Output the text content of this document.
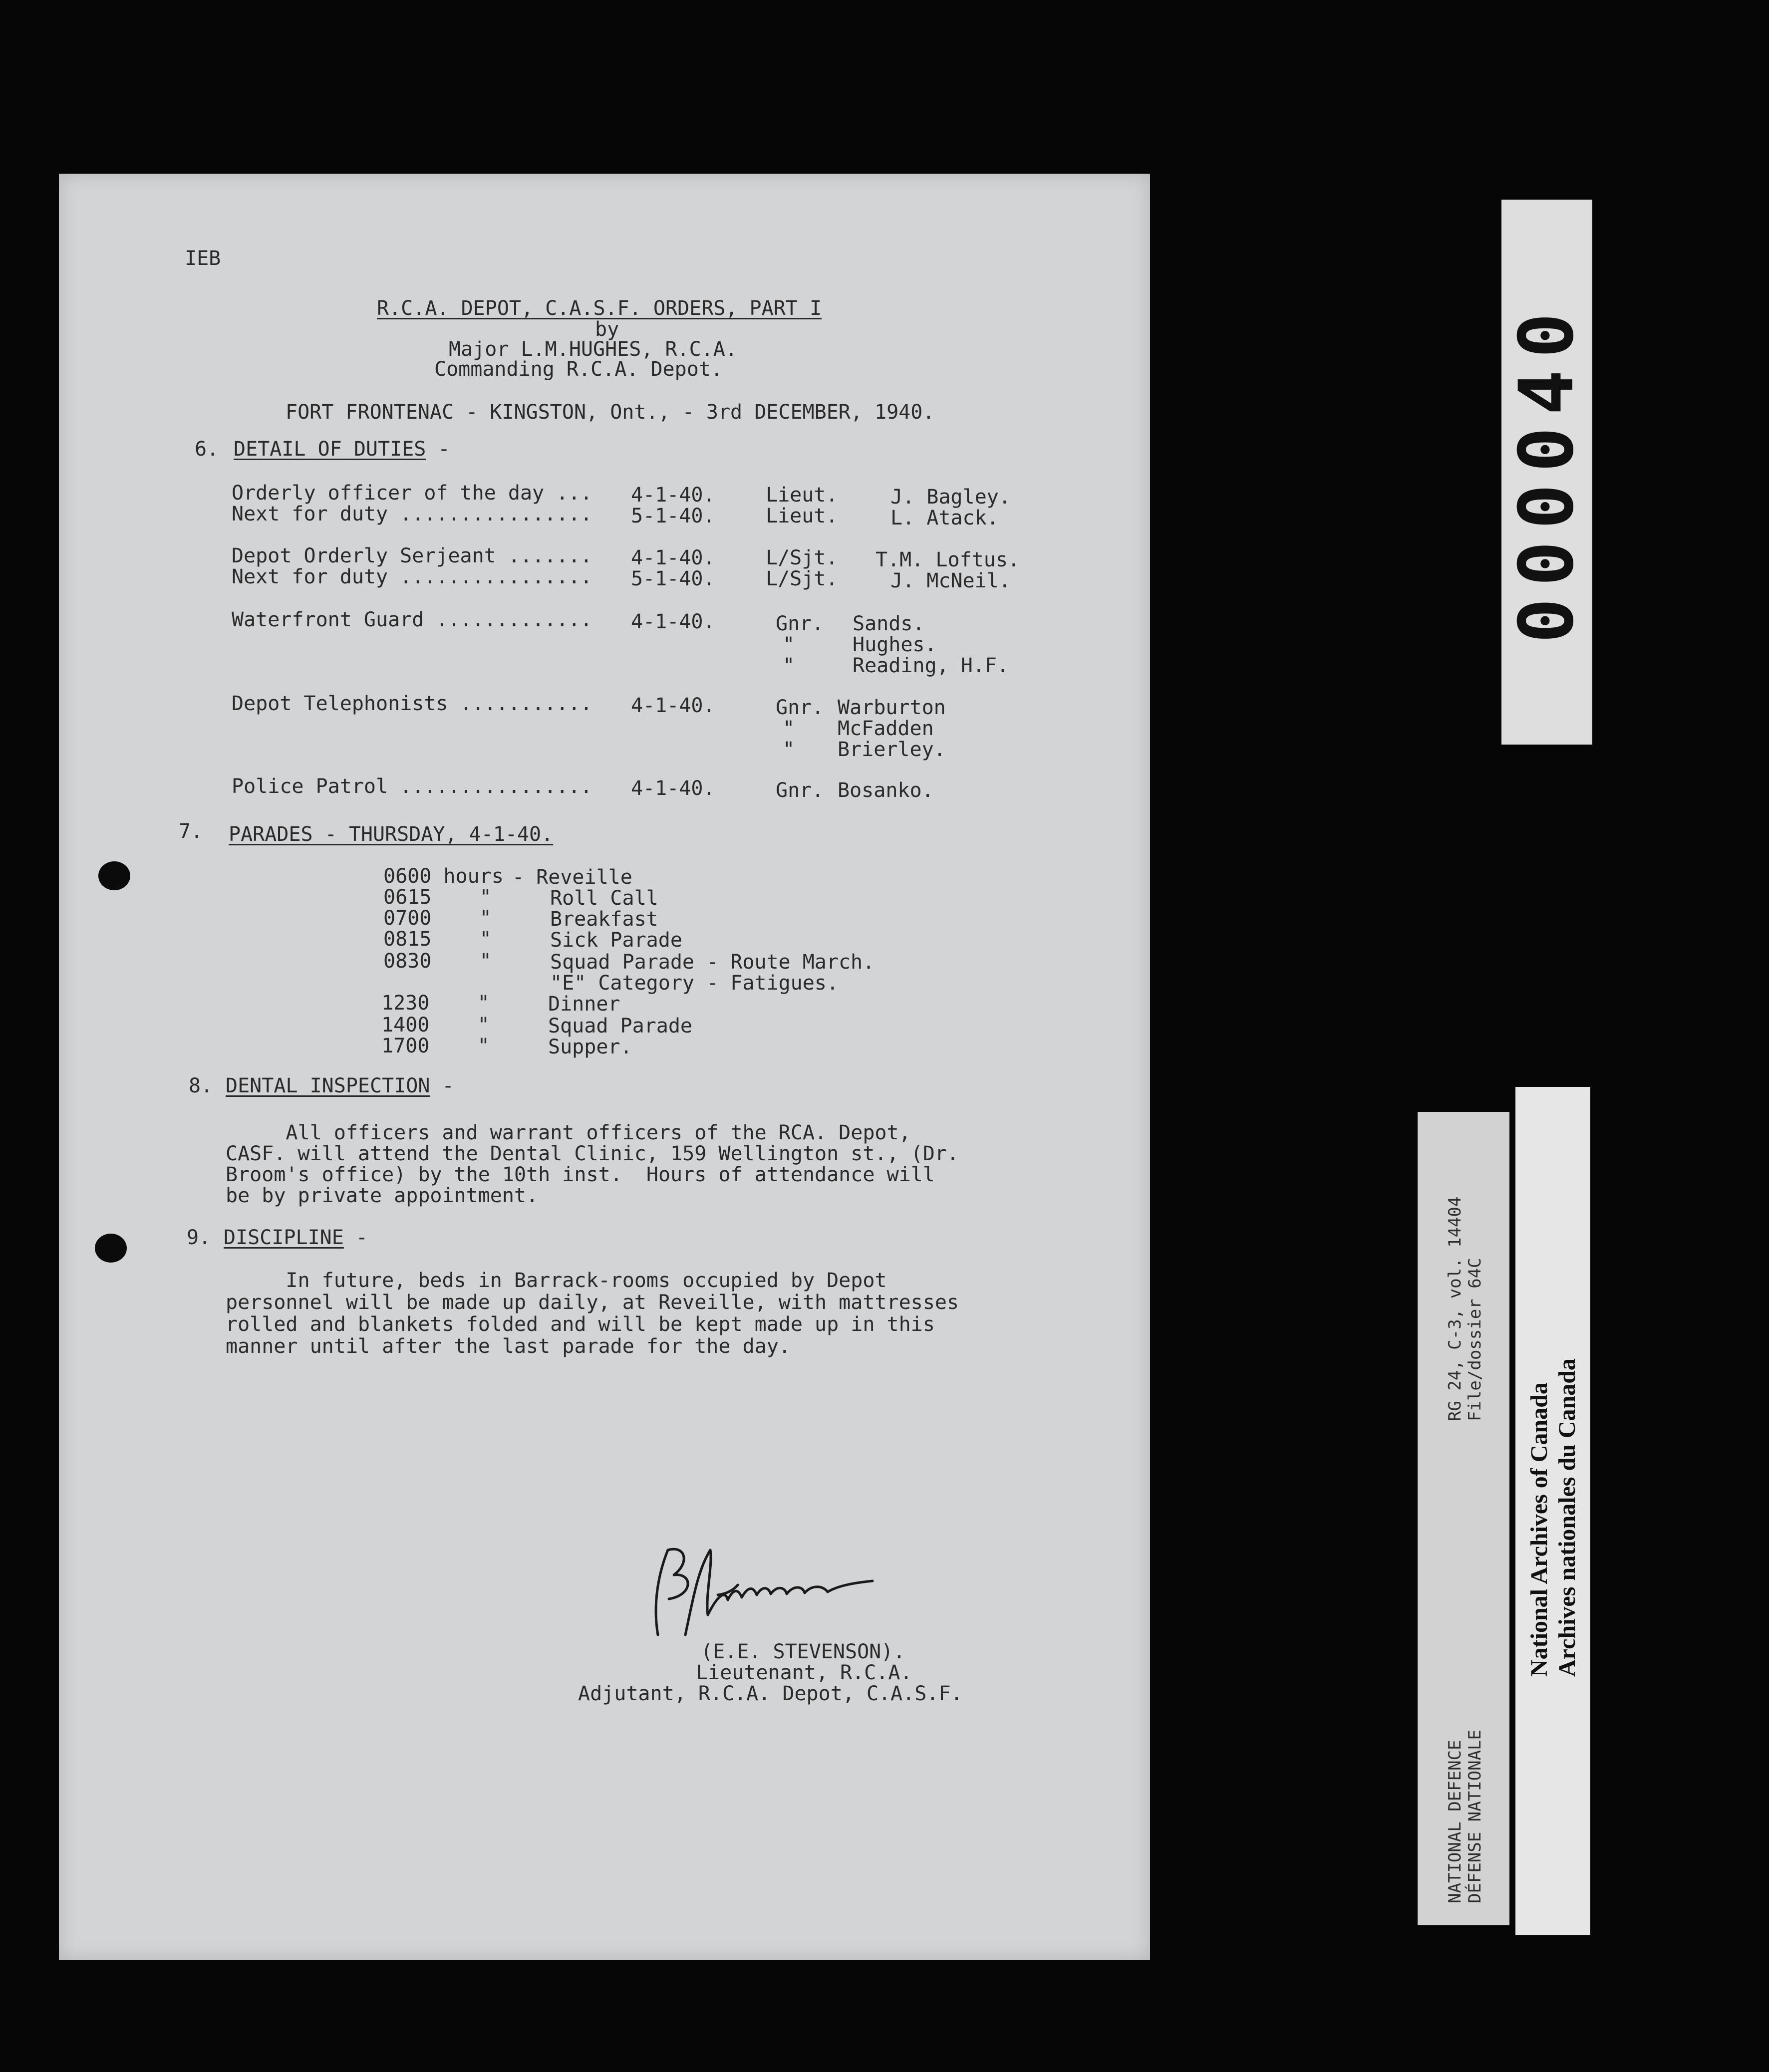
IEB
R.C.A. DEPOT, C.A.S.F. ORDERS, PART I
by
Major L.M.HUGHES, R.C.A.
Commanding R.C.A. Depot.
FORT FRONTENAC - KINGSTON, Ont., - 3rd DECEMBER, 1940.
6. DETAIL OF DUTIES -
Orderly officer of the day ... 4-1-40.	Lieut.	J. Bagley.
Next for duty ................ 5-1-40.	Lieut.	L. Atack.
Depot Orderly Serjeant ....... 4-1-40.	L/Sjt. T.M. Loftus.
Next for duty ................ 5-1-40.	L/Sjt.	J. McNeil.
Waterfront Guard ............. 4-1-40.	Gnr. Sands.
"	Hughes.
"	Reading, H.F.
Depot Telephonists ........... 4-1-40.	Gnr. Warburton
" McFadden
" Brierley.
Police Patrol ................ 4-1-40.	Gnr. Bosanko.
7. PARADES - THURSDAY, 4-1-40.
0600 hours - Reveille
0615    "	Roll Call
0700    "	Breakfast
0815    "	Sick Parade
0830    "	Squad Parade - Route March.
"E" Category - Fatigues.
1230    "	Dinner
1400    "	Squad Parade
1700    "	Supper.
8. DENTAL INSPECTION -
All officers and warrant officers of the RCA. Depot,
CASF. will attend the Dental Clinic, 159 Wellington st., (Dr.
Broom's office) by the 10th inst.  Hours of attendance will
be by private appointment.
9. DISCIPLINE -
In future, beds in Barrack-rooms occupied by Depot
personnel will be made up daily, at Reveille, with mattresses
rolled and blankets folded and will be kept made up in this
manner until after the last parade for the day.
(E.E. STEVENSON).
Lieutenant, R.C.A.
Adjutant, R.C.A. Depot, C.A.S.F.
000040
NATIONAL DEFENCE DÉFENSE NATIONALE
RG 24, C-3, vol. 14404 File/dossier 64C
National Archives of Canada Archives nationales du Canada
